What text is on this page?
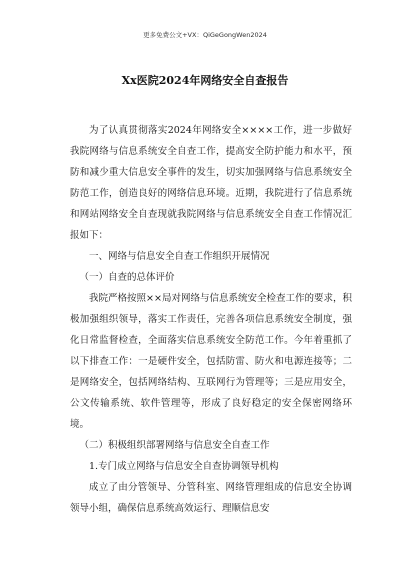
更多免费公文+VX：QiGeGongWen2024
Xx医院2024年网络安全自查报告

为了认真贯彻落实2024年网络安全××××工作，进一步做好我院网络与信息系统安全自查工作，提高安全防护能力和水平，预防和减少重大信息安全事件的发生，切实加强网络与信息系统安全防范工作，创造良好的网络信息环境。近期，我院进行了信息系统和网站网络安全自查现就我院网络与信息系统安全自查工作情况汇报如下：

一、网络与信息安全自查工作组织开展情况

（一）自查的总体评价

我院严格按照××局对网络与信息系统安全检查工作的要求，积极加强组织领导，落实工作责任，完善各项信息系统安全制度，强化日常监督检查，全面落实信息系统安全防范工作。今年着重抓了以下排查工作：一是硬件安全，包括防雷、防火和电源连接等；二是网络安全，包括网络结构、互联网行为管理等；三是应用安全，公文传输系统、软件管理等，形成了良好稳定的安全保密网络环境。

（二）积极组织部署网络与信息安全自查工作

1.专门成立网络与信息安全自查协调领导机构

成立了由分管领导、分管科室、网络管理组成的信息安全协调领导小组，确保信息系统高效运行、理顺信息安
